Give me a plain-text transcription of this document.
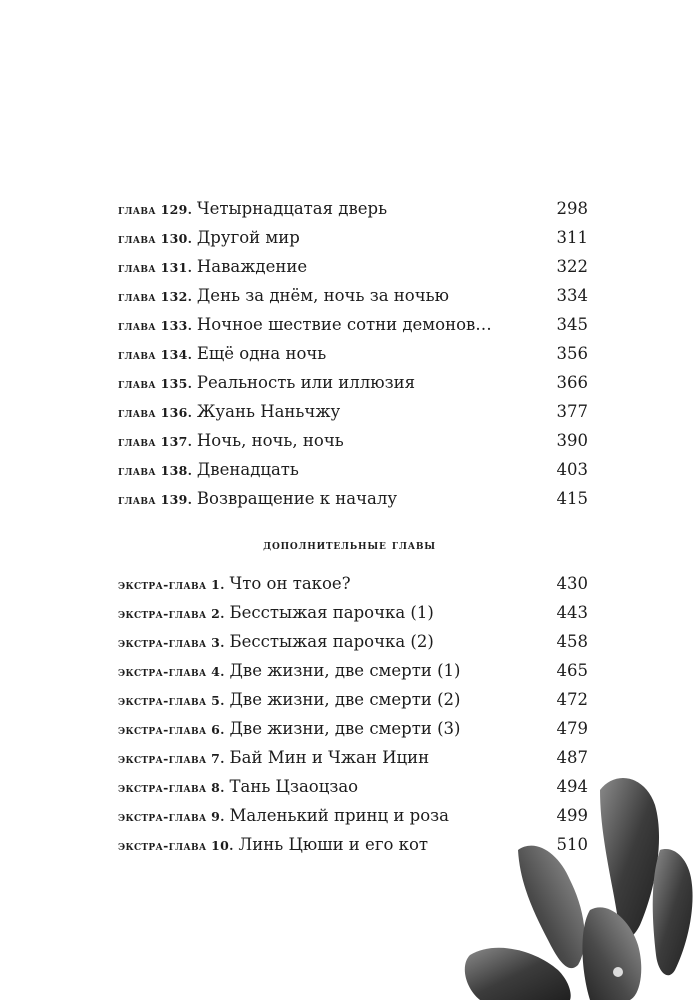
глава 129. Четырнадцатая дверь	298
глава 130. Другой мир	311
глава 131. Наваждение	322
глава 132. День за днём, ночь за ночью	334
глава 133. Ночное шествие сотни демонов…	345
глава 134. Ещё одна ночь	356
глава 135. Реальность или иллюзия	366
глава 136. Жуань Наньчжу	377
глава 137. Ночь, ночь, ночь	390
глава 138. Двенадцать	403
глава 139. Возвращение к началу	415
дополнительные главы
экстра-глава 1. Что он такое?	430
экстра-глава 2. Бесстыжая парочка (1)	443
экстра-глава 3. Бесстыжая парочка (2)	458
экстра-глава 4. Две жизни, две смерти (1)	465
экстра-глава 5. Две жизни, две смерти (2)	472
экстра-глава 6. Две жизни, две смерти (3)	479
экстра-глава 7. Бай Мин и Чжан Ицин	487
экстра-глава 8. Тань Цзаоцзао	494
экстра-глава 9. Маленький принц и роза	499
экстра-глава 10. Линь Цюши и его кот	510
